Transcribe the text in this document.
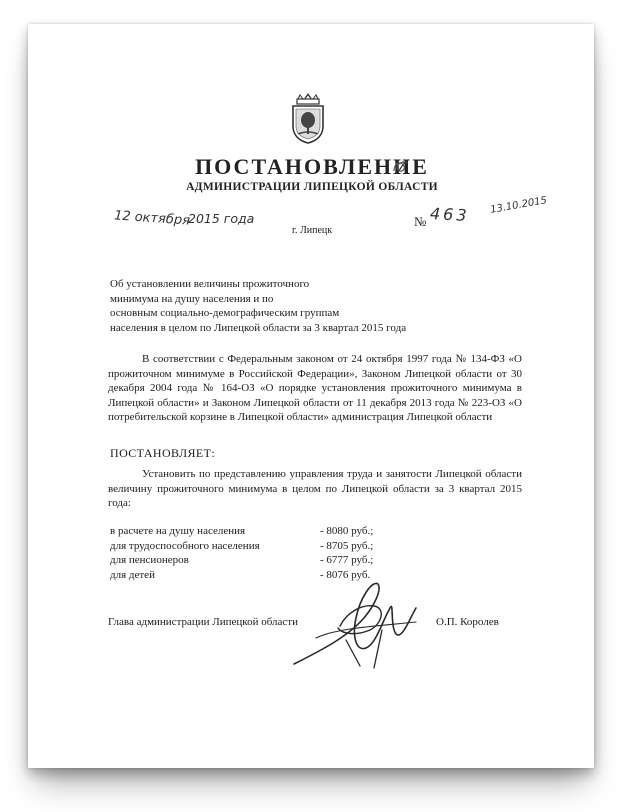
ПОСТАНОВЛЕНИЕ
АДМИНИСТРАЦИИ ЛИПЕЦКОЙ ОБЛАСТИ
12 октября
2015 года
г. Липецк
№ 463 13.10.2015
Об установлении величины прожиточного
минимума на душу населения и по
основным социально-демографическим группам
населения в целом по Липецкой области за 3 квартал 2015 года
В соответствии с Федеральным законом от 24 октября 1997 года № 134-ФЗ «О прожиточном минимуме в Российской Федерации», Законом Липецкой области от 30 декабря 2004 года № 164-ОЗ «О порядке установления прожиточного минимума в Липецкой области» и Законом Липецкой области от 11 декабря 2013 года № 223-ОЗ «О потребительской корзине в Липецкой области» администрация Липецкой области
ПОСТАНОВЛЯЕТ:
Установить по представлению управления труда и занятости Липецкой области величину прожиточного минимума в целом по Липецкой области за 3 квартал 2015 года:
в расчете на душу населения	- 8080 руб.;
для трудоспособного населения	- 8705 руб.;
для пенсионеров	- 6777 руб.;
для детей	- 8076 руб.
Глава администрации Липецкой области	О.П. Королев
